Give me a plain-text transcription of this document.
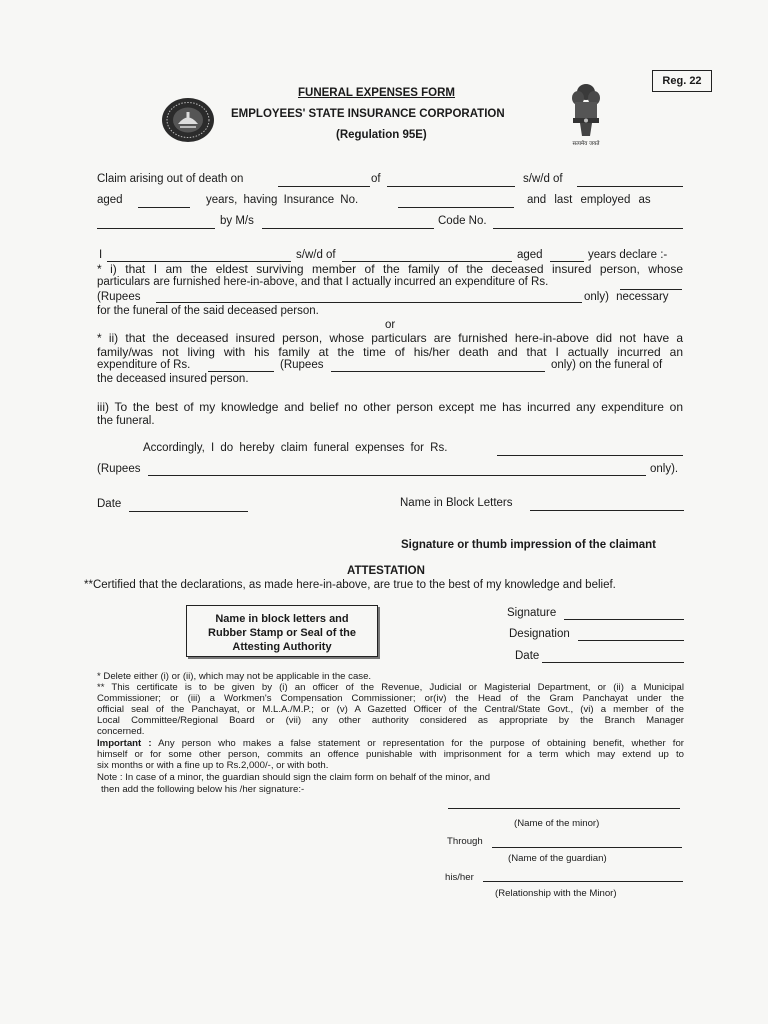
Reg. 22
सत्यमेव जयते
FUNERAL EXPENSES FORM
EMPLOYEES' STATE INSURANCE CORPORATION
(Regulation 95E)
Claim arising out of death on	of	s/w/d of
aged	years, having Insurance No.	and last employed as
by M/s	Code No.
I	s/w/d of	aged	years declare :-
* i) that I am the eldest surviving member of the family of the deceased insured person, whose
particulars are furnished here-in-above, and that I actually incurred an expenditure of Rs.
(Rupees	only) necessary
for the funeral of the said deceased person.
or
* ii) that the deceased insured person, whose particulars are furnished here-in-above did not have a
family/was not living with his family at the time of his/her death and that I actually incurred an
expenditure of Rs.	(Rupees	only) on the funeral of
the deceased insured person.
iii) To the best of my knowledge and belief no other person except me has incurred any expenditure on
the funeral.
Accordingly, I do hereby claim funeral expenses for Rs.
(Rupees	only).
Date	Name in Block Letters
Signature or thumb impression of the claimant
ATTESTATION
**Certified that the declarations, as made here-in-above, are true to the best of my knowledge and belief.
Name in block letters and
Rubber Stamp or Seal of the
Attesting Authority
Signature
Designation
Date
* Delete either (i) or (ii), which may not be applicable in the case.
** This certificate is to be given by (i) an officer of the Revenue, Judicial or Magisterial Department, or (ii) a Municipal
Commissioner; or (iii) a Workmen's Compensation Commissioner; or(iv) the Head of the Gram Panchayat under the
official seal of the Panchayat, or M.L.A./M.P.; or (v) A Gazetted Officer of the Central/State Govt., (vi) a member of the
Local Committee/Regional Board or (vii) any other authority considered as appropriate by the Branch Manager
concerned.
Important : Any person who makes a false statement or representation for the purpose of obtaining benefit, whether for
himself or for some other person, commits an offence punishable with imprisonment for a term which may extend up to
six months or with a fine up to Rs.2,000/-, or with both.
Note : In case of a minor, the guardian should sign the claim form on behalf of the minor, and
then add the following below his /her signature:-
(Name of the minor)
Through
(Name of the guardian)
his/her
(Relationship with the Minor)
